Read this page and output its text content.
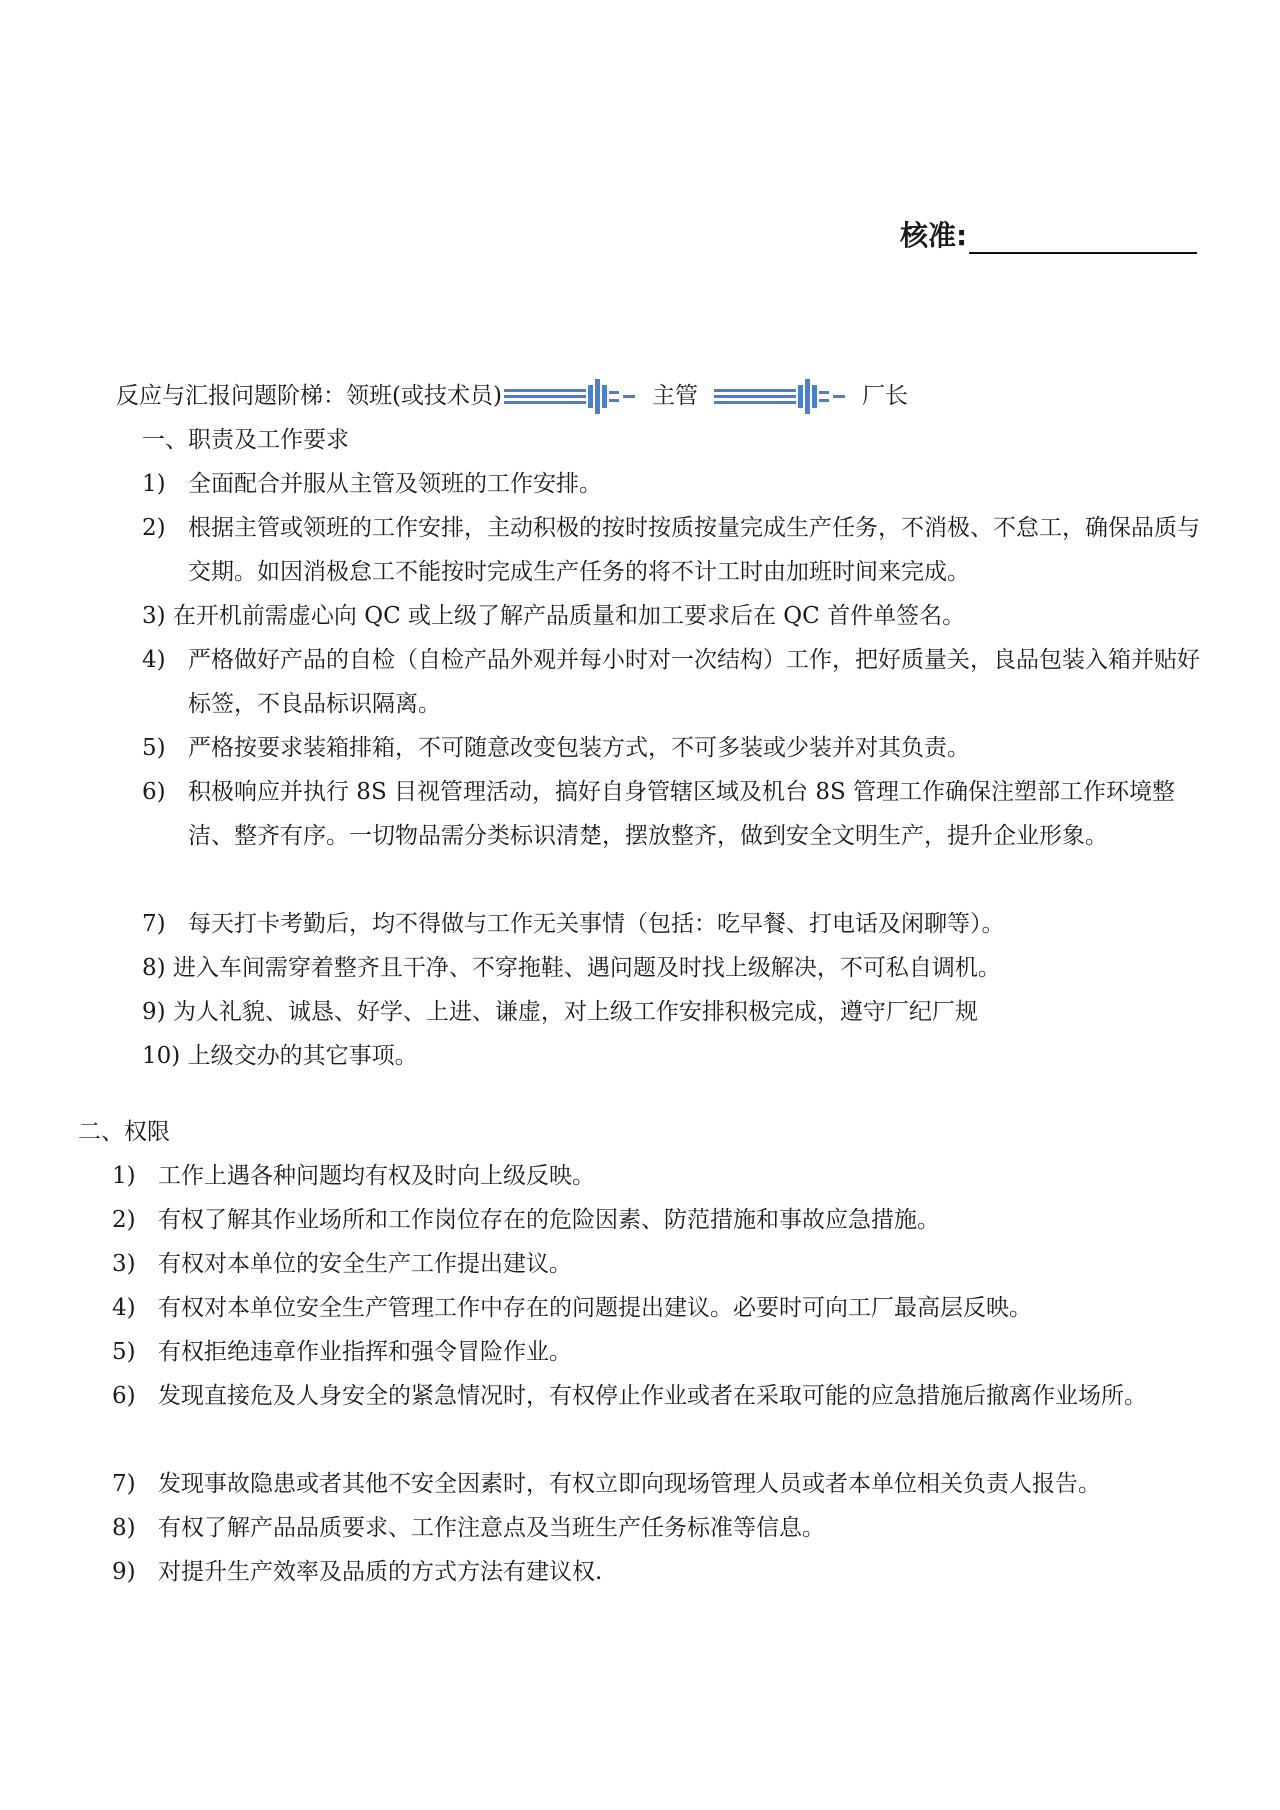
核准:
反应与汇报问题阶梯：领班(或技术员)	主管	厂长
一、职责及工作要求
1) 全面配合并服从主管及领班的工作安排。
2) 根据主管或领班的工作安排，主动积极的按时按质按量完成生产任务，不消极、不怠工，确保品质与交期。如因消极怠工不能按时完成生产任务的将不计工时由加班时间来完成。
3) 在开机前需虚心向 QC 或上级了解产品质量和加工要求后在 QC 首件单签名。
4) 严格做好产品的自检（自检产品外观并每小时对一次结构）工作，把好质量关，良品包装入箱并贴好标签，不良品标识隔离。
5) 严格按要求装箱排箱，不可随意改变包装方式，不可多装或少装并对其负责。
6) 积极响应并执行 8S 目视管理活动，搞好自身管辖区域及机台 8S 管理工作确保注塑部工作环境整洁、整齐有序。一切物品需分类标识清楚，摆放整齐，做到安全文明生产，提升企业形象。
7) 每天打卡考勤后，均不得做与工作无关事情（包括：吃早餐、打电话及闲聊等）。
8) 进入车间需穿着整齐且干净、不穿拖鞋、遇问题及时找上级解决，不可私自调机。
9) 为人礼貌、诚恳、好学、上进、谦虚，对上级工作安排积极完成，遵守厂纪厂规
10) 上级交办的其它事项。
二、权限
1) 工作上遇各种问题均有权及时向上级反映。
2) 有权了解其作业场所和工作岗位存在的危险因素、防范措施和事故应急措施。
3) 有权对本单位的安全生产工作提出建议。
4) 有权对本单位安全生产管理工作中存在的问题提出建议。必要时可向工厂最高层反映。
5) 有权拒绝违章作业指挥和强令冒险作业。
6) 发现直接危及人身安全的紧急情况时，有权停止作业或者在采取可能的应急措施后撤离作业场所。
7) 发现事故隐患或者其他不安全因素时，有权立即向现场管理人员或者本单位相关负责人报告。
8) 有权了解产品品质要求、工作注意点及当班生产任务标准等信息。
9) 对提升生产效率及品质的方式方法有建议权.
